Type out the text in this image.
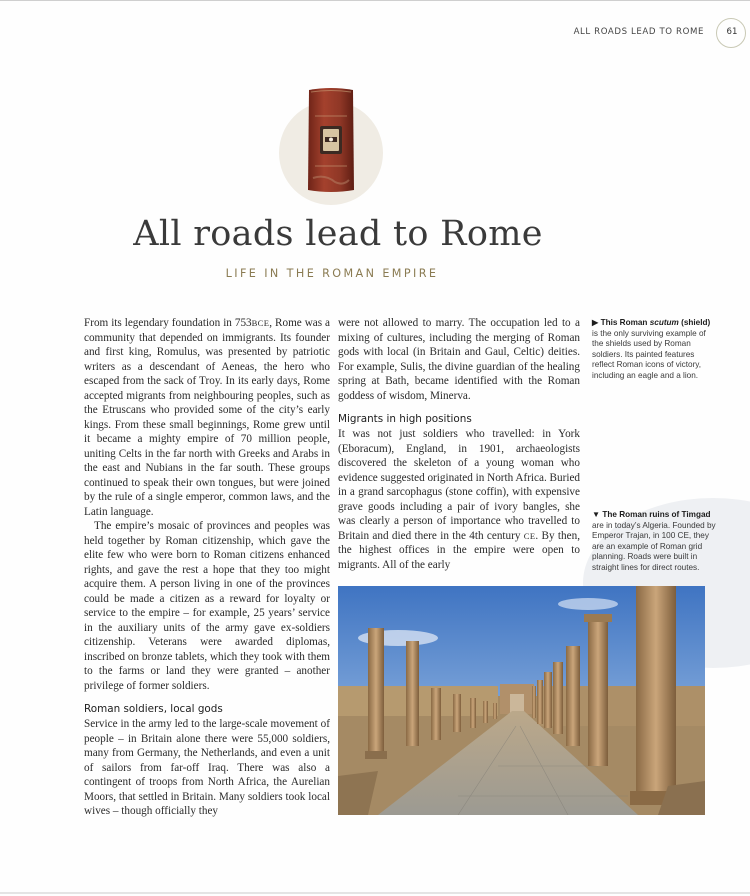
ALL ROADS LEAD TO ROME	61
All roads lead to Rome
LIFE IN THE ROMAN EMPIRE

From its legendary foundation in 753BCE, Rome was a community that depended on immigrants. Its founder and first king, Romulus, was presented by patriotic writers as a descendant of Aeneas, the hero who escaped from the sack of Troy. In its early days, Rome accepted migrants from neighbouring peoples, such as the Etruscans who provided some of the city’s early kings. From these small beginnings, Rome grew until it became a mighty empire of 70 million people, uniting Celts in the far north with Greeks and Arabs in the east and Nubians in the far south. These groups continued to speak their own tongues, but were joined by the rule of a single emperor, common laws, and the Latin language.

The empire’s mosaic of provinces and peoples was held together by Roman citizenship, which gave the elite few who were born to Roman citizens enhanced rights, and gave the rest a hope that they too might acquire them. A person living in one of the provinces could be made a citizen as a reward for loyalty or service to the empire – for example, 25 years’ service in the auxiliary units of the army gave ex-soldiers citizenship. Veterans were awarded diplomas, inscribed on bronze tablets, which they took with them to the farms or land they were granted – another privilege of former soldiers.

Roman soldiers, local gods

Service in the army led to the large-scale movement of people – in Britain alone there were 55,000 soldiers, many from Germany, the Netherlands, and even a unit of sailors from far-off Iraq. There was also a contingent of troops from North Africa, the Aurelian Moors, that settled in Britain. Many soldiers took local wives – though officially they

were not allowed to marry. The occupation led to a mixing of cultures, including the merging of Roman gods with local (in Britain and Gaul, Celtic) deities. For example, Sulis, the divine guardian of the healing spring at Bath, became identified with the Roman goddess of wisdom, Minerva.

Migrants in high positions

It was not just soldiers who travelled: in York (Eboracum), England, in 1901, archaeologists discovered the skeleton of a young woman who evidence suggested originated in North Africa. Buried in a grand sarcophagus (stone coffin), with expensive grave goods including a pair of ivory bangles, she was clearly a person of importance who travelled to Britain and died there in the 4th century CE. By then, the highest offices in the empire were open to migrants. All of the early

▶ This Roman scutum (shield) is the only surviving example of the shields used by Roman soldiers. Its painted features reflect Roman icons of victory, including an eagle and a lion.
▼ The Roman ruins of Timgad are in today’s Algeria. Founded by Emperor Trajan, in 100 CE, they are an example of Roman grid planning. Roads were built in straight lines for direct routes.
